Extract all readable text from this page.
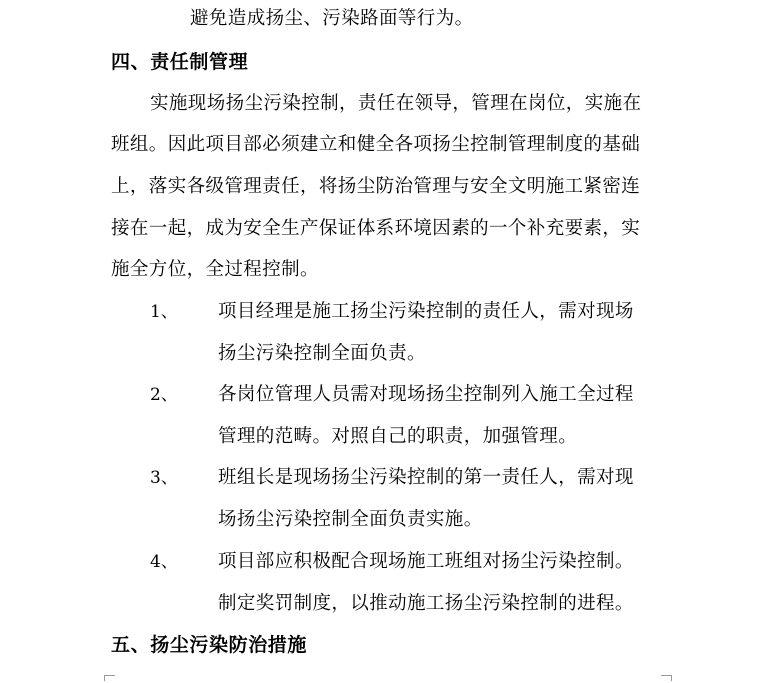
避免造成扬尘、污染路面等行为。
四、责任制管理
实施现场扬尘污染控制，责任在领导，管理在岗位，实施在
班组。因此项目部必须建立和健全各项扬尘控制管理制度的基础
上，落实各级管理责任，将扬尘防治管理与安全文明施工紧密连
接在一起，成为安全生产保证体系环境因素的一个补充要素，实
施全方位，全过程控制。
1、 项目经理是施工扬尘污染控制的责任人，需对现场
扬尘污染控制全面负责。
2、 各岗位管理人员需对现场扬尘控制列入施工全过程
管理的范畴。对照自己的职责，加强管理。
3、 班组长是现场扬尘污染控制的第一责任人，需对现
场扬尘污染控制全面负责实施。
4、 项目部应积极配合现场施工班组对扬尘污染控制。
制定奖罚制度，以推动施工扬尘污染控制的进程。
五、扬尘污染防治措施
